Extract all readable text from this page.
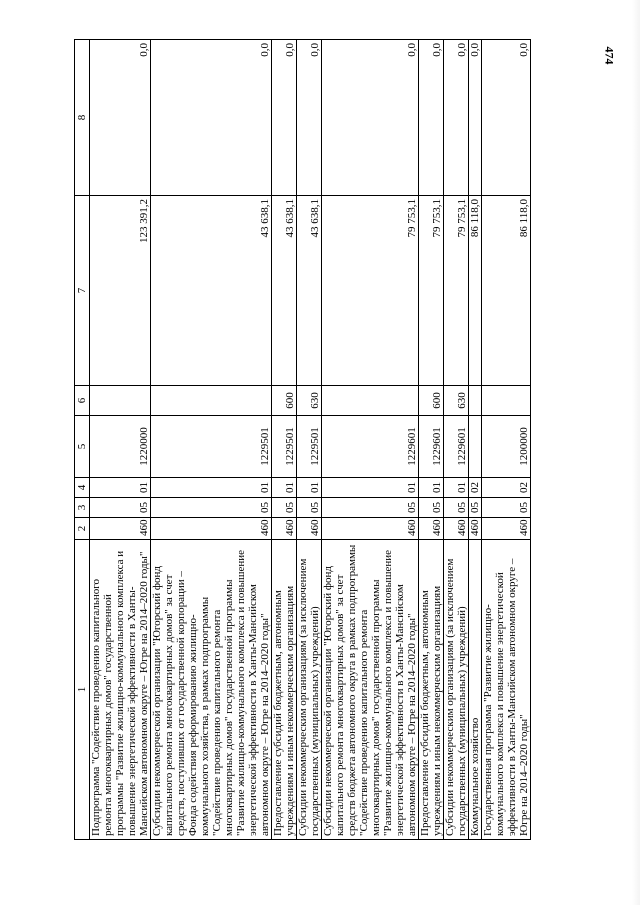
474
1	2	3	4	5	6	7	8
Подпрограмма "Содействие проведению капитального ремонта многоквартирных домов" государственной программы "Развитие жилищно-коммунального комплекса и повышение энергетической эффективности в Ханты-Мансийском автономном округе – Югре на 2014–2020 годы"	460	05	01	1220000		123 391,2	0,0
Субсидии некоммерческой организации "Югорский фонд капитального ремонта многоквартирных домов" за счет средств, поступивших от государственной корпорации – Фонда содействия реформированию жилищно-коммунального хозяйства, в рамках подпрограммы "Содействие проведению капитального ремонта многоквартирных домов" государственной программы "Развитие жилищно-коммунального комплекса и повышение энергетической эффективности в Ханты-Мансийском автономном округе – Югре на 2014–2020 годы"	460	05	01	1229501		43 638,1	0,0
Предоставление субсидий бюджетным, автономным учреждениям и иным некоммерческим организациям	460	05	01	1229501	600	43 638,1	0,0
Субсидии некоммерческим организациям (за исключением государственных (муниципальных) учреждений)	460	05	01	1229501	630	43 638,1	0,0
Субсидии некоммерческой организации "Югорский фонд капитального ремонта многоквартирных домов" за счет средств бюджета автономного округа в рамках подпрограммы "Содействие проведению капитального ремонта многоквартирных домов" государственной программы "Развитие жилищно-коммунального комплекса и повышение энергетической эффективности в Ханты-Мансийском автономном округе – Югре на 2014–2020 годы"	460	05	01	1229601		79 753,1	0,0
Предоставление субсидий бюджетным, автономным учреждениям и иным некоммерческим организациям	460	05	01	1229601	600	79 753,1	0,0
Субсидии некоммерческим организациям (за исключением государственных (муниципальных) учреждений)	460	05	01	1229601	630	79 753,1	0,0
Коммунальное хозяйство	460	05	02			86 118,0	0,0
Государственная программа "Развитие жилищно-коммунального комплекса и повышение энергетической эффективности в Ханты-Мансийском автономном округе – Югре на 2014–2020 годы"	460	05	02	1200000		86 118,0	0,0
